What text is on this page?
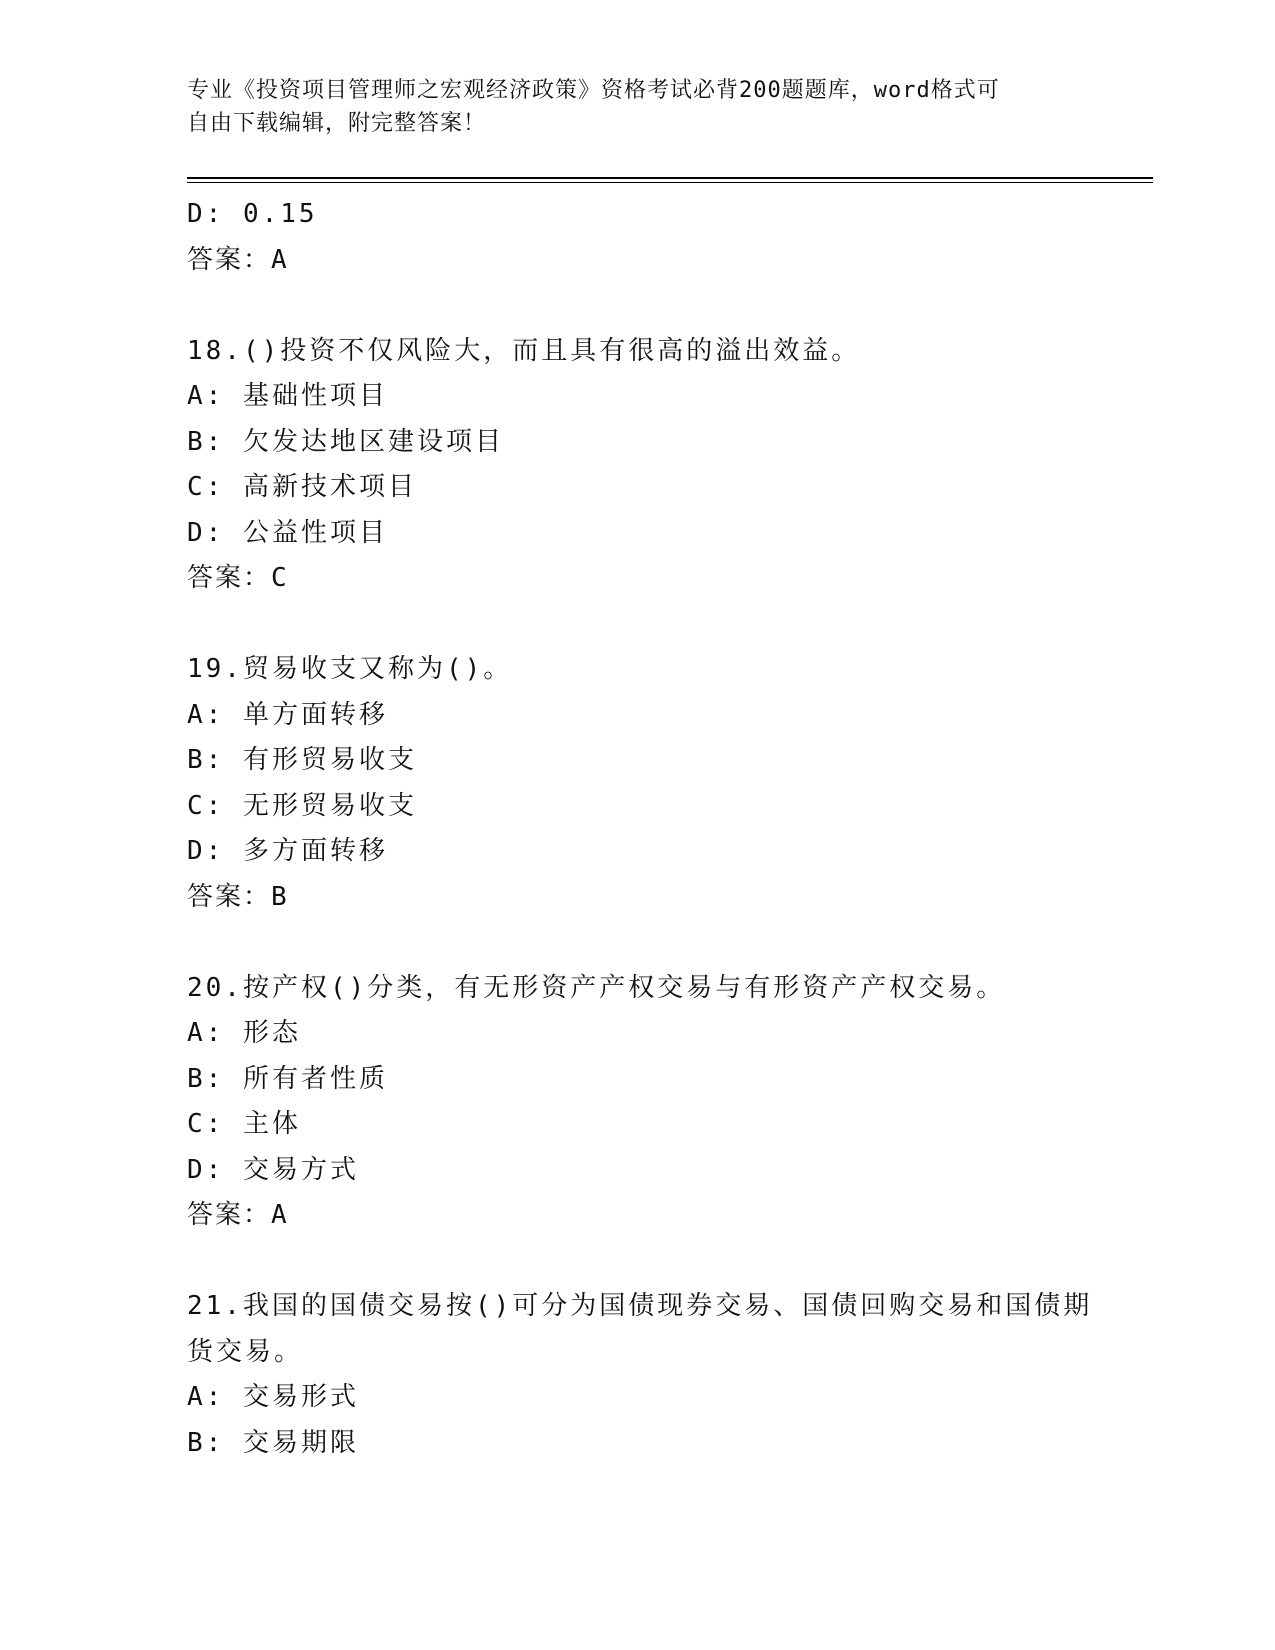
专业《投资项目管理师之宏观经济政策》资格考试必背200题题库，word格式可
自由下载编辑，附完整答案！
D: 0.15
答案：A
18.()投资不仅风险大，而且具有很高的溢出效益。
A: 基础性项目
B: 欠发达地区建设项目
C: 高新技术项目
D: 公益性项目
答案：C
19.贸易收支又称为()。
A: 单方面转移
B: 有形贸易收支
C: 无形贸易收支
D: 多方面转移
答案：B
20.按产权()分类，有无形资产产权交易与有形资产产权交易。
A: 形态
B: 所有者性质
C: 主体
D: 交易方式
答案：A
21.我国的国债交易按()可分为国债现券交易、国债回购交易和国债期
货交易。
A: 交易形式
B: 交易期限
